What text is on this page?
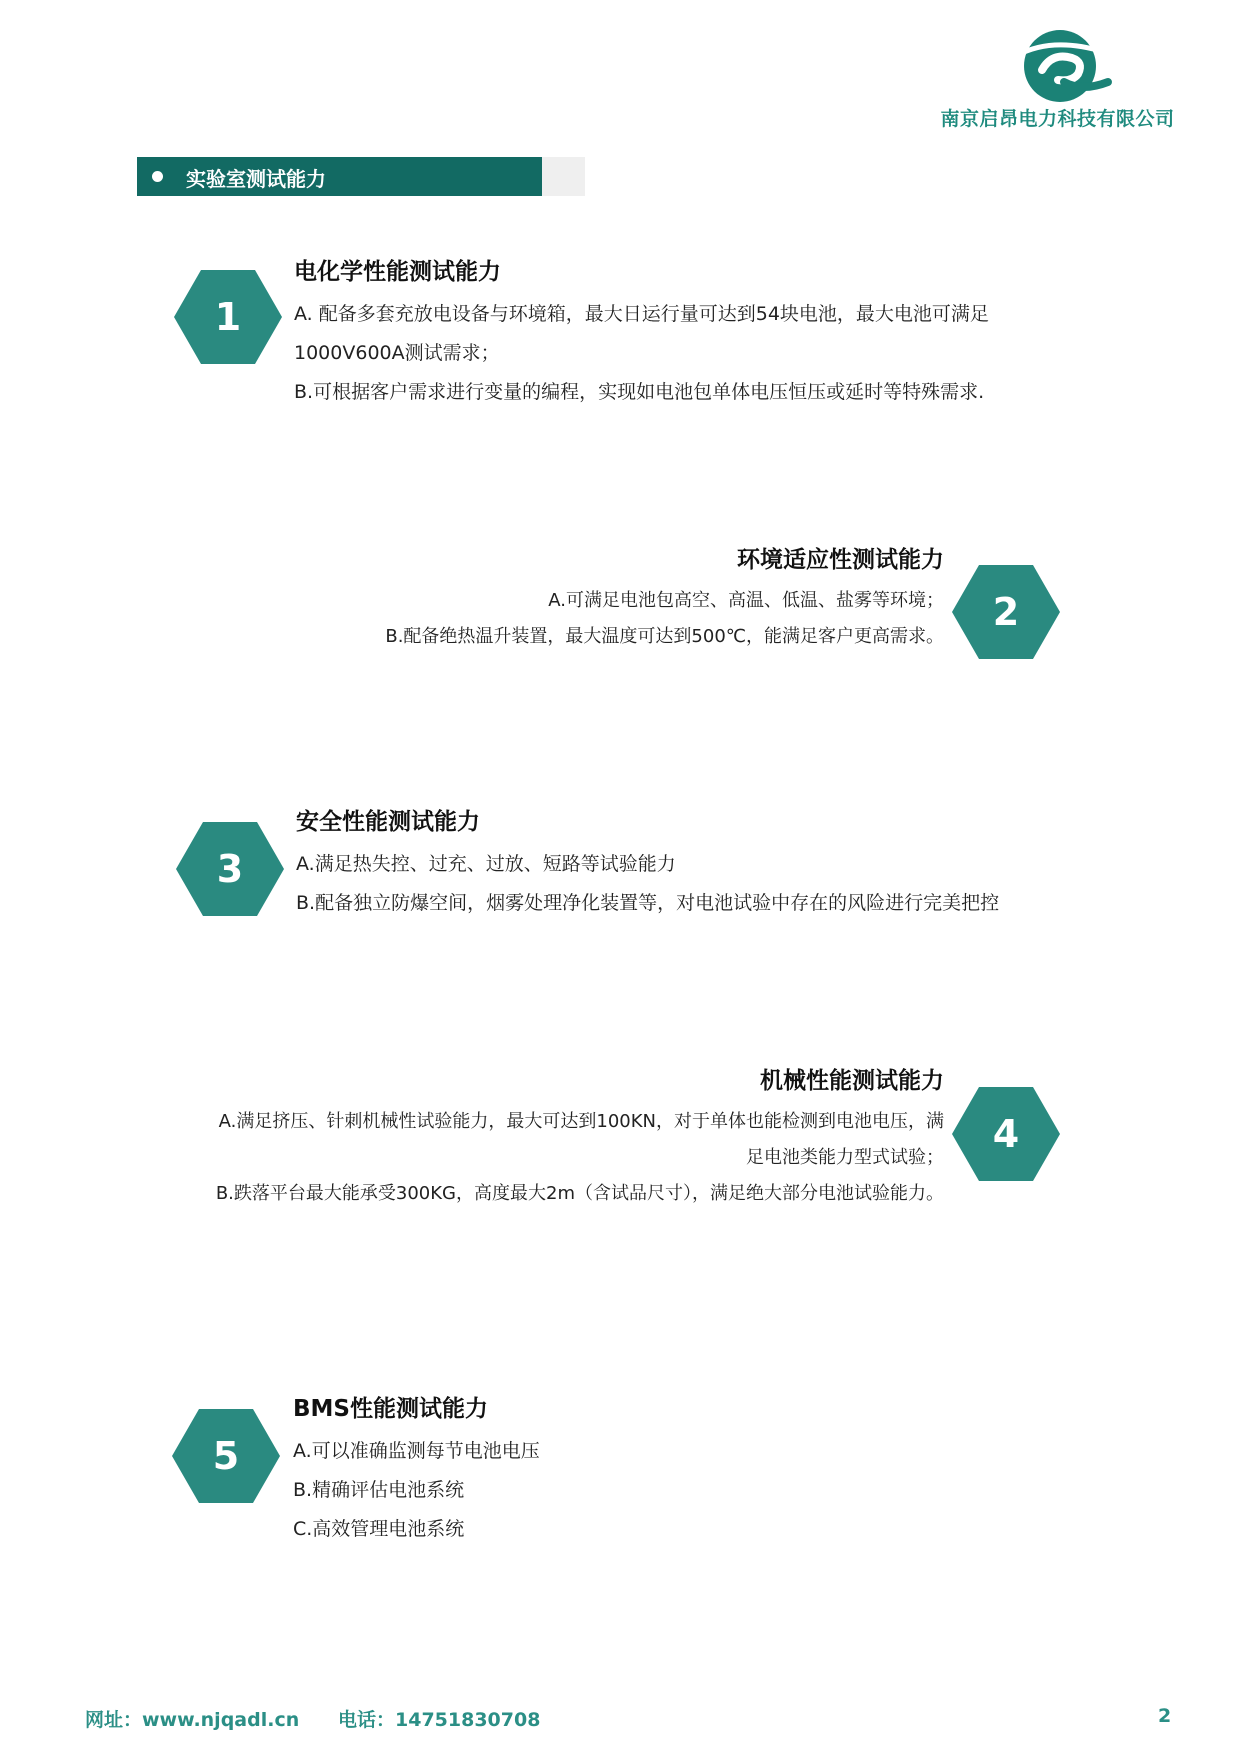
南京启昂电力科技有限公司
实验室测试能力
1
电化学性能测试能力

A. 配备多套充放电设备与环境箱，最大日运行量可达到54块电池，最大电池可满足

1000V600A测试需求；

B.可根据客户需求进行变量的编程，实现如电池包单体电压恒压或延时等特殊需求.

2
环境适应性测试能力

A.可满足电池包高空、高温、低温、盐雾等环境；

B.配备绝热温升装置，最大温度可达到500℃，能满足客户更高需求。

3
安全性能测试能力

A.满足热失控、过充、过放、短路等试验能力

B.配备独立防爆空间，烟雾处理净化装置等，对电池试验中存在的风险进行完美把控

4
机械性能测试能力

A.满足挤压、针刺机械性试验能力，最大可达到100KN，对于单体也能检测到电池电压，满

足电池类能力型式试验；

B.跌落平台最大能承受300KG，高度最大2m（含试品尺寸），满足绝大部分电池试验能力。

5
BMS性能测试能力

A.可以准确监测每节电池电压

B.精确评估电池系统

C.高效管理电池系统

网址：www.njqadl.cn 电话：14751830708	2
